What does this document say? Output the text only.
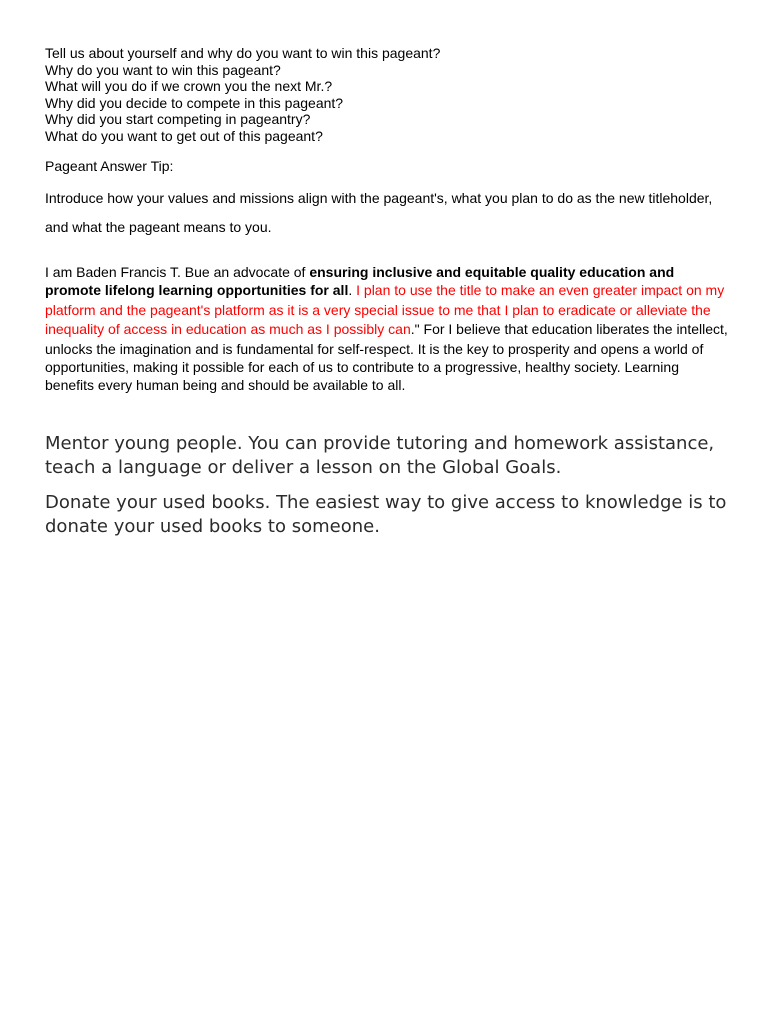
Tell us about yourself and why do you want to win this pageant?
Why do you want to win this pageant?
What will you do if we crown you the next Mr.?
Why did you decide to compete in this pageant?
Why did you start competing in pageantry?
What do you want to get out of this pageant?
Pageant Answer Tip:
Introduce how your values and missions align with the pageant's, what you plan to do as the new titleholder,
and what the pageant means to you.

I am Baden Francis T. Bue an advocate of ensuring inclusive and equitable quality education and promote lifelong learning opportunities for all. I plan to use the title to make an even greater impact on my platform and the pageant's platform as it is a very special issue to me that I plan to eradicate or alleviate the inequality of access in education as much as I possibly can." For I believe that education liberates the intellect, unlocks the imagination and is fundamental for self-respect. It is the key to prosperity and opens a world of opportunities, making it possible for each of us to contribute to a progressive, healthy society. Learning benefits every human being and should be available to all.

Mentor young people. You can provide tutoring and homework assistance, teach a language or deliver a lesson on the Global Goals.
Donate your used books. The easiest way to give access to knowledge is to donate your used books to someone.
